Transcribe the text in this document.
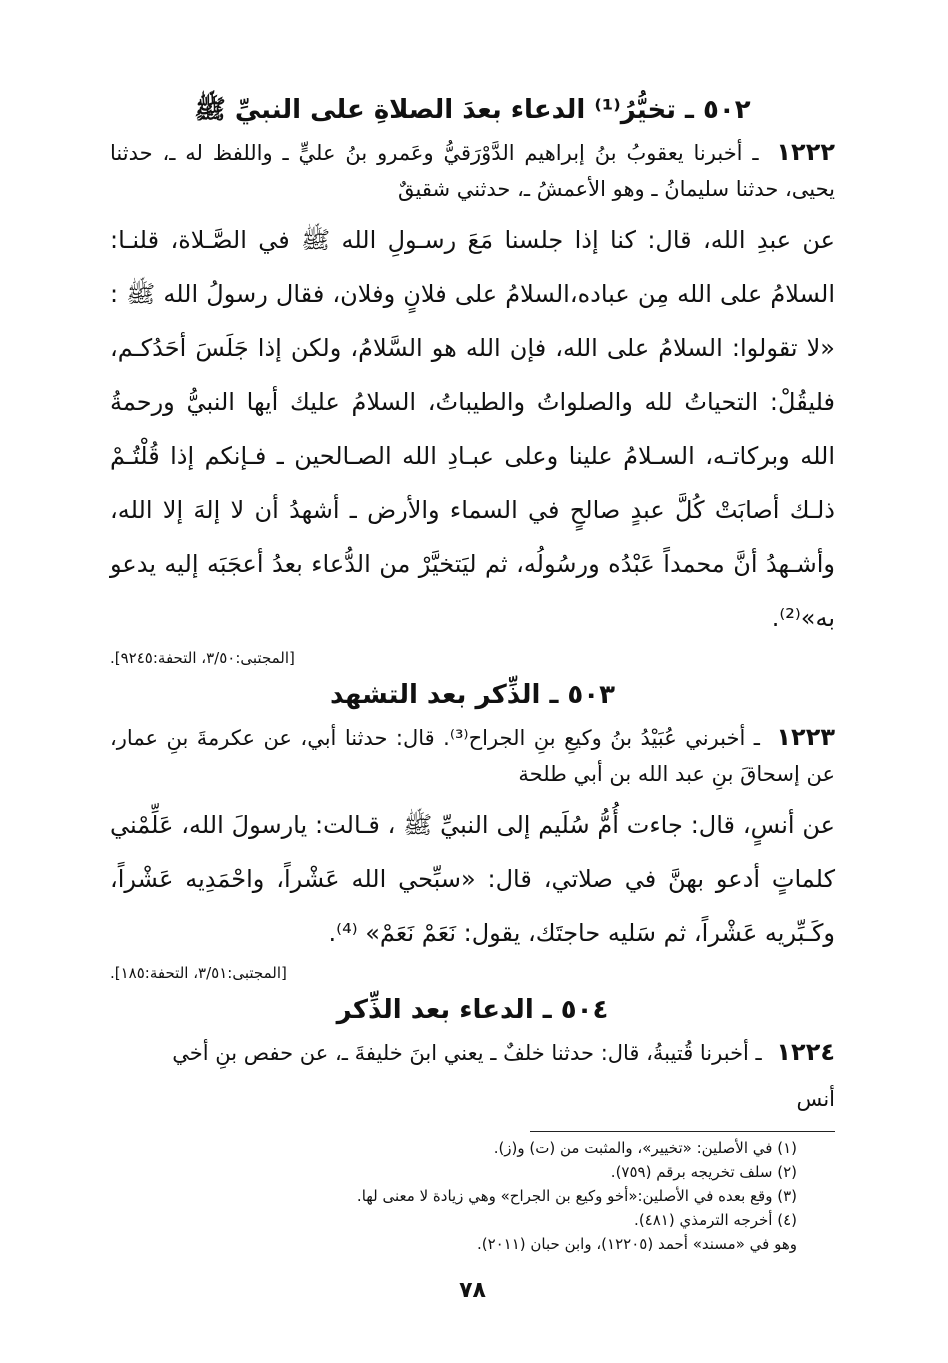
٥٠٢ ـ تخيُّرُ⁽¹⁾ الدعاء بعدَ الصلاةِ على النبيِّ ﷺ

١٢٢٢ ـ أخبرنا يعقوبُ بنُ إبراهيم الدَّوْرَقيُّ وعَمرو بنُ عليٍّ ـ واللفظ له ـ، حدثنا يحيى، حدثنا سليمانُ ـ وهو الأعمشُ ـ، حدثني شقيقٌ

عن عبدِ الله، قال: كنا إذا جلسنا مَعَ رسـولِ الله ﷺ في الصَّـلاة، قلنـا: السلامُ على الله مِن عباده،السلامُ على فلانٍ وفلان، فقال رسولُ الله ﷺ : «لا تقولوا: السلامُ على الله، فإن الله هو السَّلامُ، ولكن إذا جَلَسَ أحَدُكـم، فليقُلْ: التحياتُ لله والصلواتُ والطيباتُ، السلامُ عليك أيها النبيُّ ورحمةُ الله وبركاتـه، السـلامُ علينا وعلى عبـادِ الله الصـالحين ـ فـإنكم إذا قُلْتُـمْ ذلـك أصابَتْ كُلَّ عبدٍ صالحٍ في السماء والأرض ـ أشهدُ أن لا إلهَ إلا الله، وأشـهدُ أنَّ محمداً عَبْدُه ورسُولُه، ثم ليَتخيَّرْ من الدُّعاء بعدُ أعجَبَه إليه يدعو به»⁽²⁾.

[المجتبى:٣/٥٠، التحفة:٩٢٤٥].

٥٠٣ ـ الذِّكر بعد التشهد

١٢٢٣ ـ أخبرني عُبَيْدُ بنُ وكيعِ بنِ الجراح⁽³⁾. قال: حدثنا أبي، عن عكرمةَ بنِ عمار، عن إسحاقَ بنِ عبد الله بن أبي طلحة

عن أنسٍ، قال: جاءت أُمُّ سُلَيم إلى النبيِّ ﷺ ، قـالت: يارسولَ الله، عَلِّمْني كلماتٍ أدعو بهنَّ في صلاتي، قال: «سبِّحي الله عَشْراً، واحْمَدِيه عَشْراً، وكَـبِّريه عَشْراً، ثم سَليه حاجتَك، يقول: نَعَمْ نَعَمْ» ⁽⁴⁾.

[المجتبى:٣/٥١، التحفة:١٨٥].

٥٠٤ ـ الدعاء بعد الذِّكر

١٢٢٤ ـ أخبرنا قُتيبةُ، قال: حدثنا خلفٌ ـ يعني ابنَ خليفةَ ـ، عن حفص بنِ أخي

أنس

(١) في الأصلين: «تخيير»، والمثبت من (ت) و(ز).
(٢) سلف تخريجه برقم (٧٥٩).
(٣) وقع بعده في الأصلين:«أخو وكيع بن الجراح» وهي زيادة لا معنى لها.
(٤) أخرجه الترمذي (٤٨١).
وهو في «مسند» أحمد (١٢٢٠٥)، وابن حبان (٢٠١١).
٧٨
